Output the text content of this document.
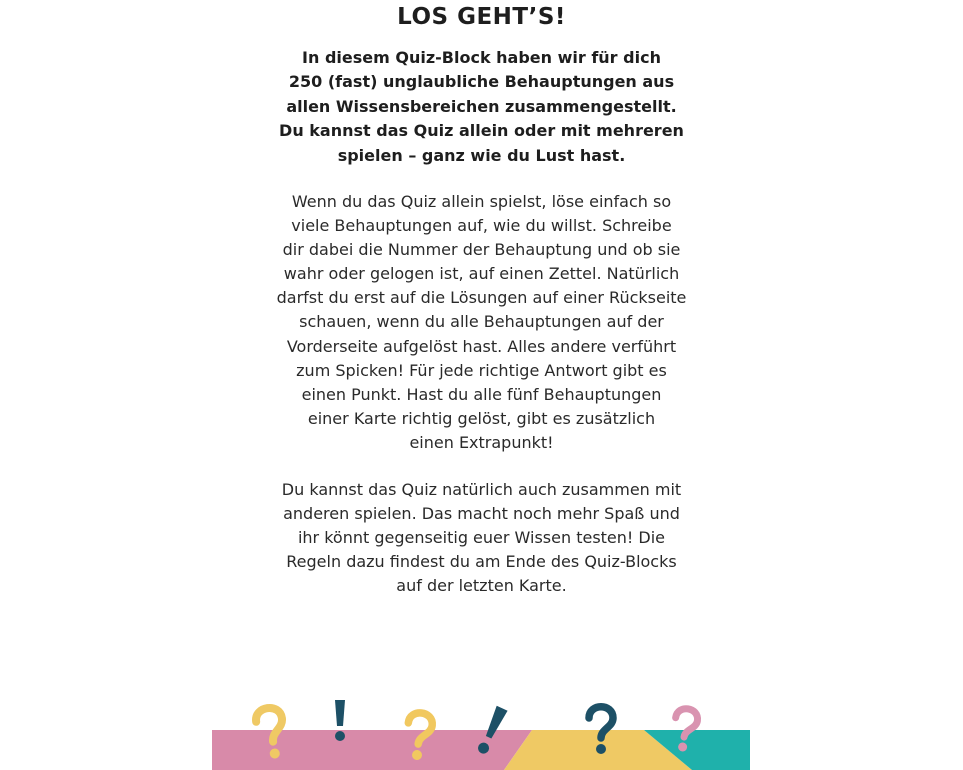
LOS GEHT’S!
In diesem Quiz-Block haben wir für dich
250 (fast) unglaubliche Behauptungen aus
allen Wissensbereichen zusammengestellt.
Du kannst das Quiz allein oder mit mehreren
spielen – ganz wie du Lust hast.
Wenn du das Quiz allein spielst, löse einfach so
viele Behauptungen auf, wie du willst. Schreibe
dir dabei die Nummer der Behauptung und ob sie
wahr oder gelogen ist, auf einen Zettel. Natürlich
darfst du erst auf die Lösungen auf einer Rückseite
schauen, wenn du alle Behauptungen auf der
Vorderseite aufgelöst hast. Alles andere verführt
zum Spicken! Für jede richtige Antwort gibt es
einen Punkt. Hast du alle fünf Behauptungen
einer Karte richtig gelöst, gibt es zusätzlich
einen Extrapunkt!
Du kannst das Quiz natürlich auch zusammen mit
anderen spielen. Das macht noch mehr Spaß und
ihr könnt gegenseitig euer Wissen testen! Die
Regeln dazu findest du am Ende des Quiz-Blocks
auf der letzten Karte.
